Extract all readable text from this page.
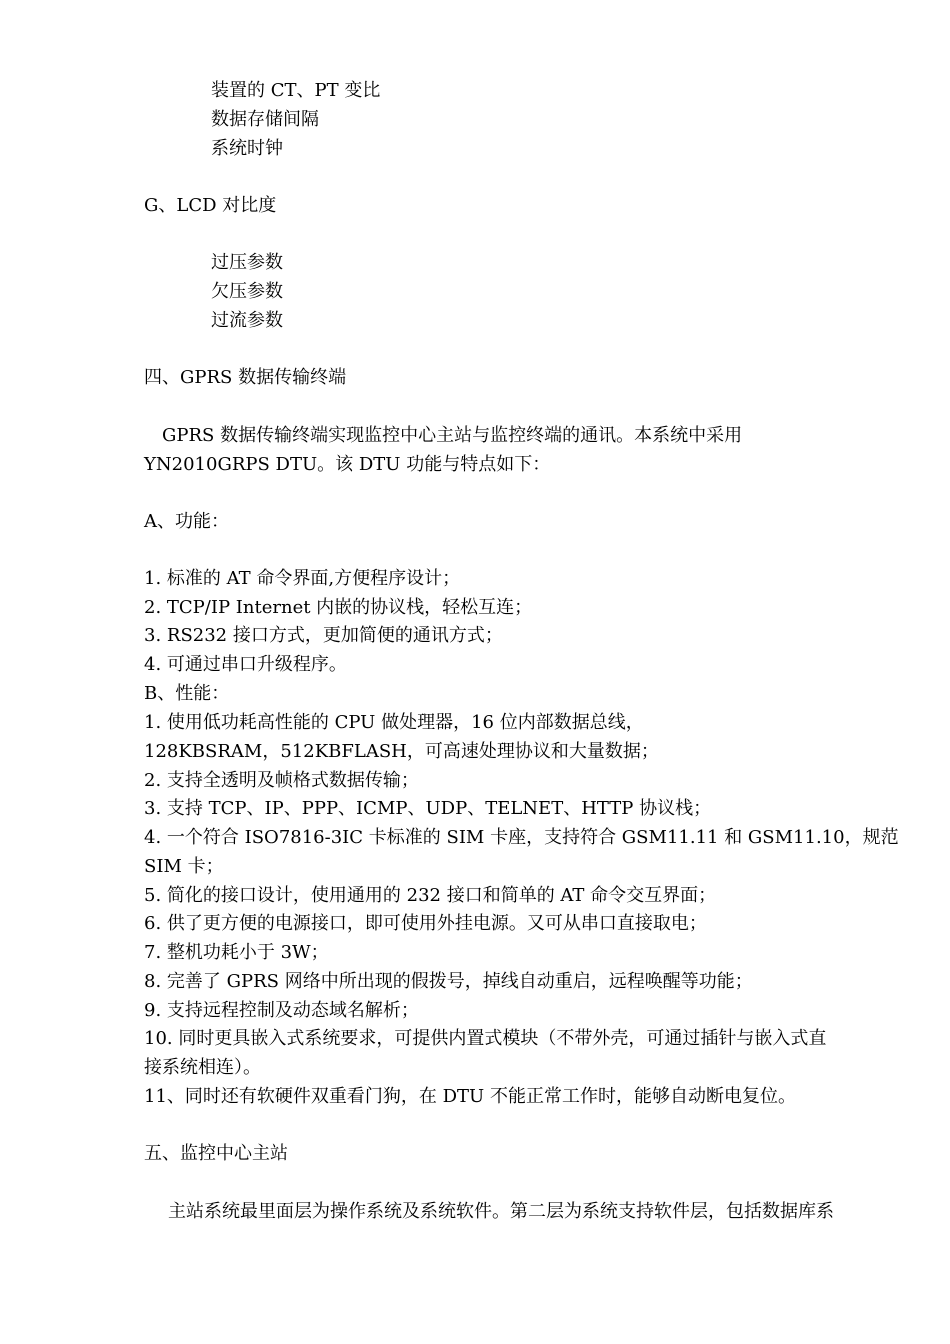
装置的 CT、PT 变比
数据存储间隔
系统时钟
G、LCD 对比度
过压参数
欠压参数
过流参数
四、GPRS 数据传输终端
GPRS 数据传输终端实现监控中心主站与监控终端的通讯。本系统中采用
YN2010GRPS DTU。该 DTU 功能与特点如下：
A、功能：
1. 标准的 AT 命令界面,方便程序设计；
2. TCP/IP Internet 内嵌的协议栈，轻松互连；
3. RS232 接口方式，更加简便的通讯方式；
4. 可通过串口升级程序。
B、性能：
1. 使用低功耗高性能的 CPU 做处理器，16 位内部数据总线，
128KBSRAM，512KBFLASH，可高速处理协议和大量数据；
2. 支持全透明及帧格式数据传输；
3. 支持 TCP、IP、PPP、ICMP、UDP、TELNET、HTTP 协议栈；
4. 一个符合 ISO7816-3IC 卡标准的 SIM 卡座，支持符合 GSM11.11 和 GSM11.10，规范
SIM 卡；
5. 简化的接口设计，使用通用的 232 接口和简单的 AT 命令交互界面；
6. 供了更方便的电源接口，即可使用外挂电源。又可从串口直接取电；
7. 整机功耗小于 3W；
8. 完善了 GPRS 网络中所出现的假拨号，掉线自动重启，远程唤醒等功能；
9. 支持远程控制及动态域名解析；
10. 同时更具嵌入式系统要求，可提供内置式模块（不带外壳，可通过插针与嵌入式直
接系统相连）。
11、同时还有软硬件双重看门狗，在 DTU 不能正常工作时，能够自动断电复位。
五、监控中心主站
主站系统最里面层为操作系统及系统软件。第二层为系统支持软件层，包括数据库系
